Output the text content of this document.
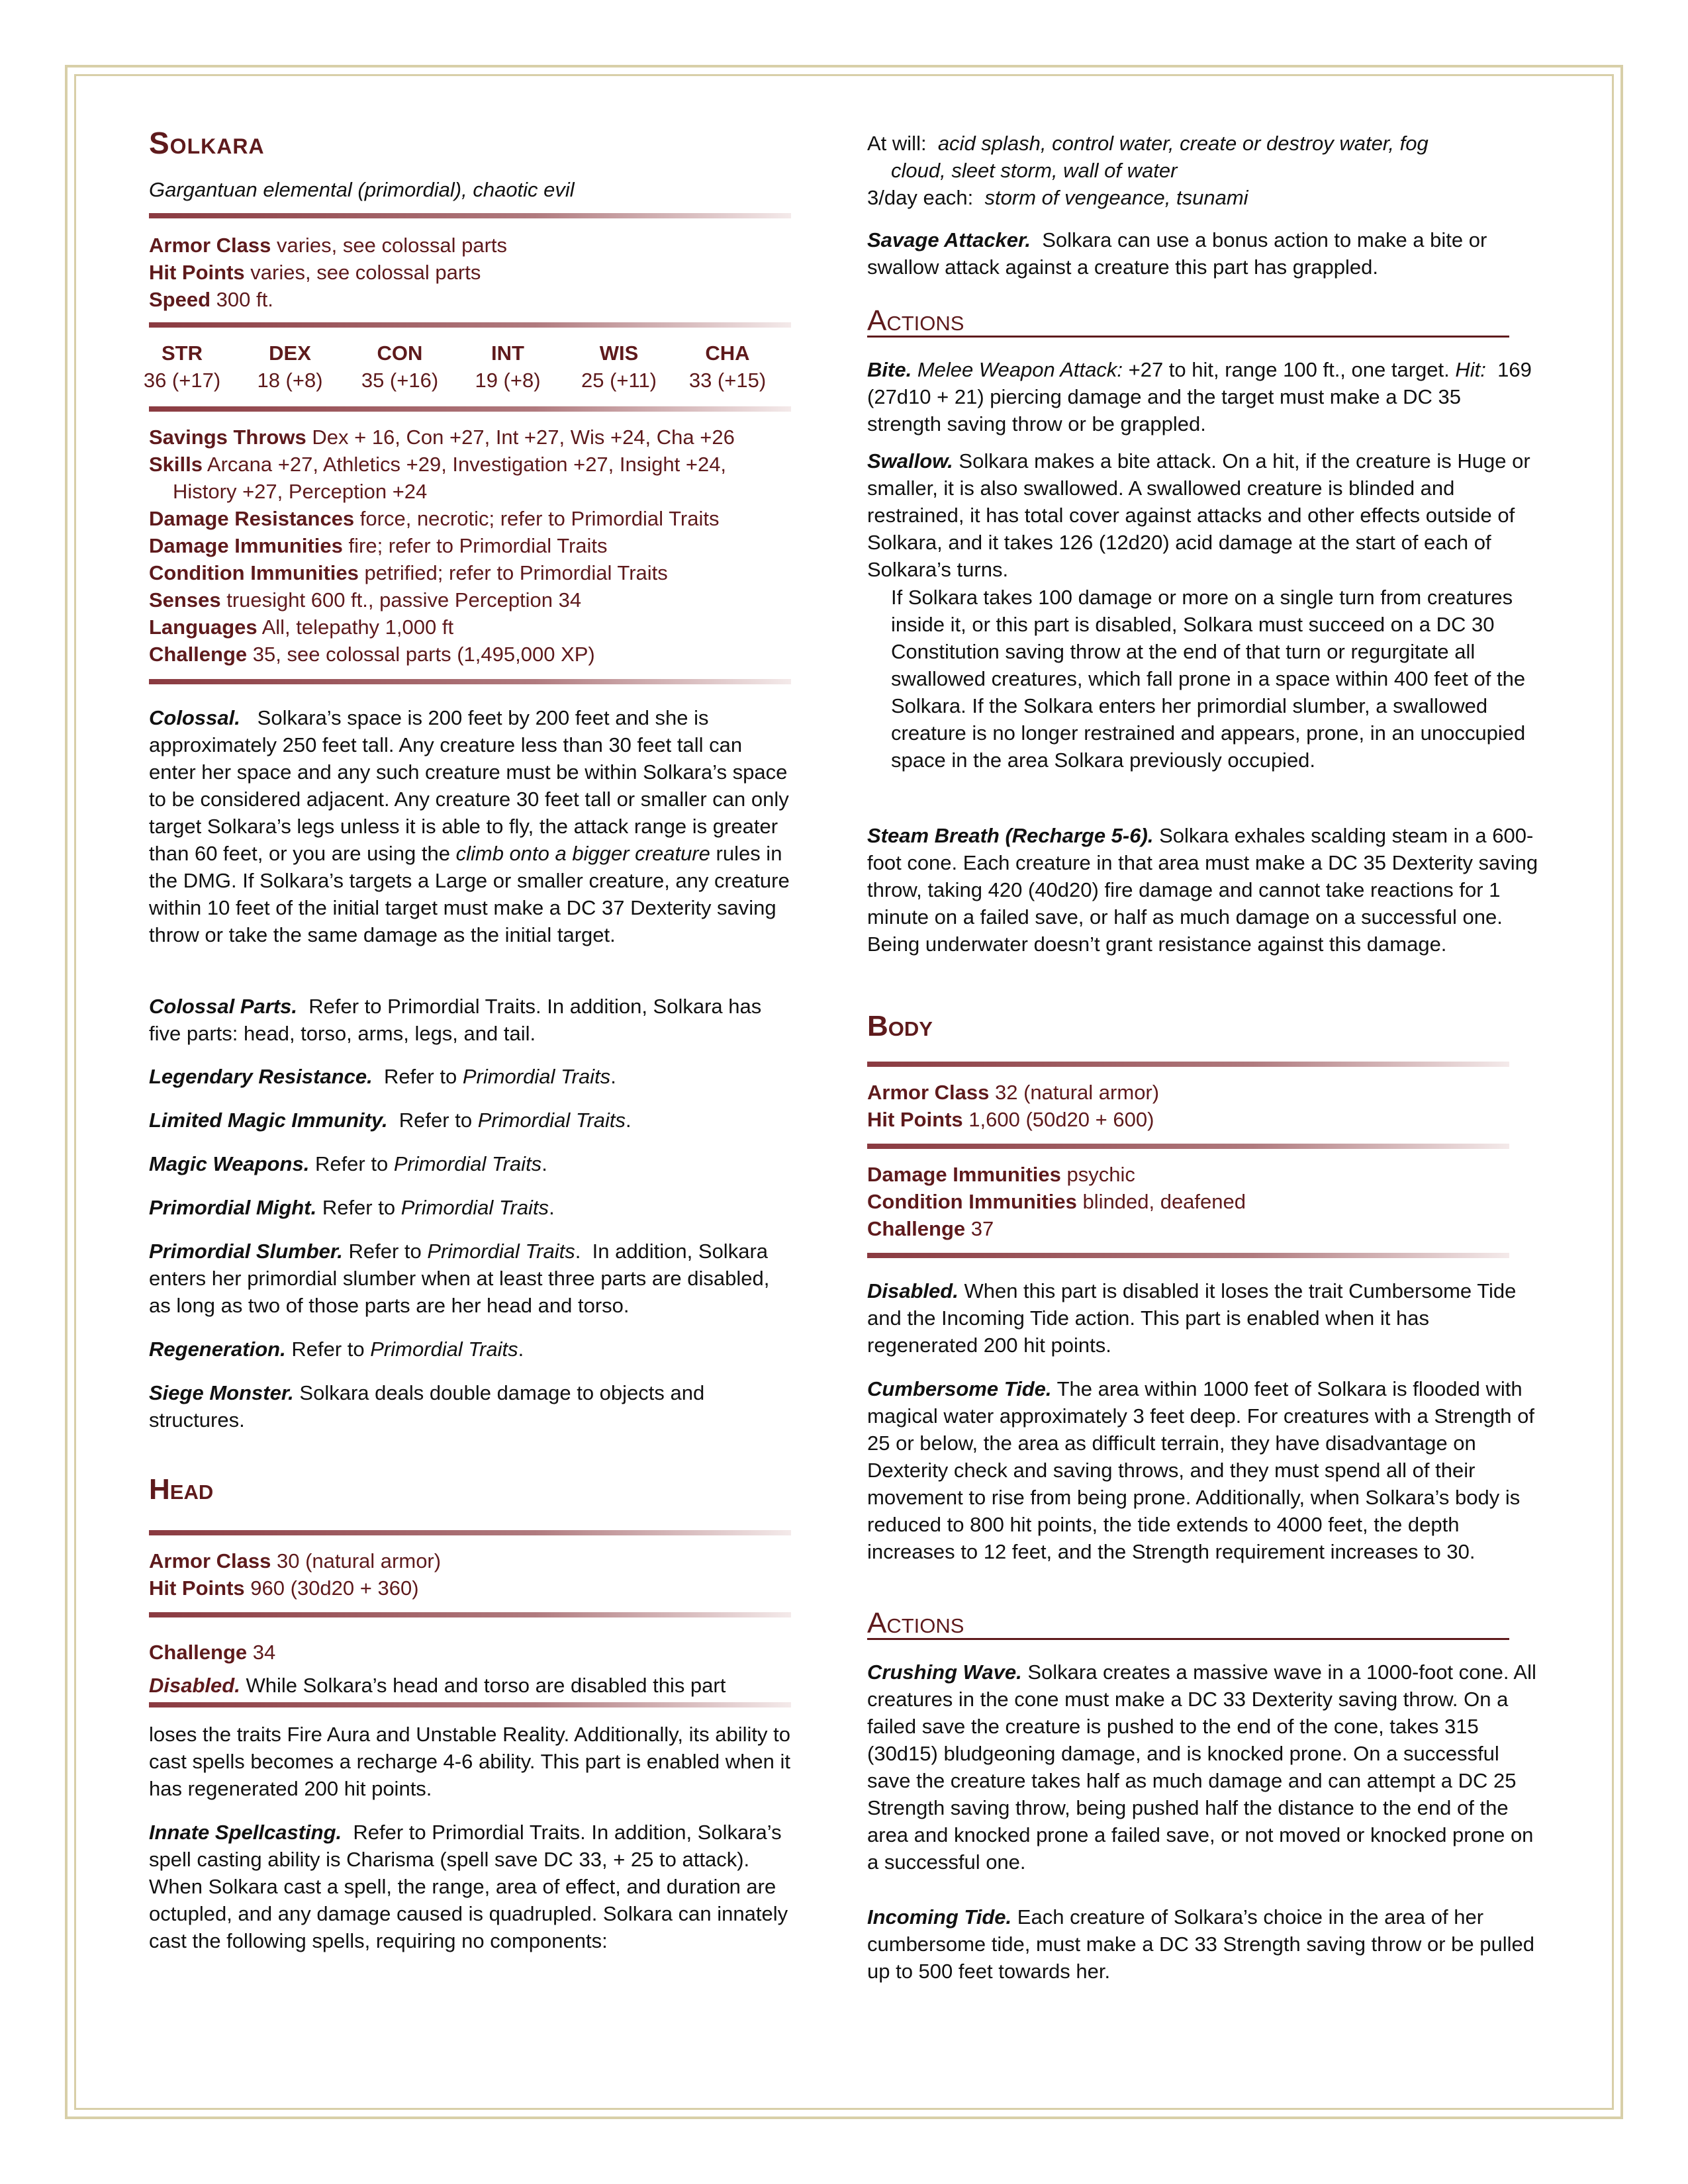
Solkara
Gargantuan elemental (primordial), chaotic evil
Armor Class varies, see colossal parts
Hit Points varies, see colossal parts
Speed 300 ft.
STR
36 (+17)
DEX
18 (+8)
CON
35 (+16)
INT
19 (+8)
WIS
25 (+11)
CHA
33 (+15)
Savings Throws Dex + 16, Con +27, Int +27, Wis +24, Cha +26
Skills Arcana +27, Athletics +29, Investigation +27, Insight +24,
History +27, Perception +24
Damage Resistances force, necrotic; refer to Primordial Traits
Damage Immunities fire; refer to Primordial Traits
Condition Immunities petrified; refer to Primordial Traits
Senses truesight 600 ft., passive Perception 34
Languages All, telepathy 1,000 ft
Challenge 35, see colossal parts (1,495,000 XP)
Colossal. Solkara’s space is 200 feet by 200 feet and she is approximately 250 feet tall. Any creature less than 30 feet tall can enter her space and any such creature must be within Solkara’s space to be considered adjacent. Any creature 30 feet tall or smaller can only target Solkara’s legs unless it is able to fly, the attack range is greater than 60 feet, or you are using the climb onto a bigger creature rules in the DMG. If Solkara’s targets a Large or smaller creature, any creature within 10 feet of the initial target must make a DC 37 Dexterity saving throw or take the same damage as the initial target.
Colossal Parts. Refer to Primordial Traits. In addition, Solkara has five parts: head, torso, arms, legs, and tail.
Legendary Resistance. Refer to Primordial Traits.
Limited Magic Immunity. Refer to Primordial Traits.
Magic Weapons. Refer to Primordial Traits.
Primordial Might. Refer to Primordial Traits.
Primordial Slumber. Refer to Primordial Traits. In addition, Solkara enters her primordial slumber when at least three parts are disabled, as long as two of those parts are her head and torso.
Regeneration. Refer to Primordial Traits.
Siege Monster. Solkara deals double damage to objects and structures.
Head
Armor Class 30 (natural armor)
Hit Points 960 (30d20 + 360)
Challenge 34
Disabled. While Solkara’s head and torso are disabled this part
loses the traits Fire Aura and Unstable Reality. Additionally, its ability to cast spells becomes a recharge 4-6 ability. This part is enabled when it has regenerated 200 hit points.
Innate Spellcasting. Refer to Primordial Traits. In addition, Solkara’s spell casting ability is Charisma (spell save DC 33, + 25 to attack). When Solkara cast a spell, the range, area of effect, and duration are octupled, and any damage caused is quadrupled. Solkara can innately cast the following spells, requiring no components:
At will: acid splash, control water, create or destroy water, fog
cloud, sleet storm, wall of water
3/day each: storm of vengeance, tsunami
Savage Attacker. Solkara can use a bonus action to make a bite or swallow attack against a creature this part has grappled.
Actions
Bite. Melee Weapon Attack: +27 to hit, range 100 ft., one target. Hit: 169 (27d10 + 21) piercing damage and the target must make a DC 35 strength saving throw or be grappled.
Swallow. Solkara makes a bite attack. On a hit, if the creature is Huge or smaller, it is also swallowed. A swallowed creature is blinded and restrained, it has total cover against attacks and other effects outside of Solkara, and it takes 126 (12d20) acid damage at the start of each of Solkara’s turns.
If Solkara takes 100 damage or more on a single turn from creatures inside it, or this part is disabled, Solkara must succeed on a DC 30 Constitution saving throw at the end of that turn or regurgitate all swallowed creatures, which fall prone in a space within 400 feet of the Solkara. If the Solkara enters her primordial slumber, a swallowed creature is no longer restrained and appears, prone, in an unoccupied space in the area Solkara previously occupied.
Steam Breath (Recharge 5-6). Solkara exhales scalding steam in a 600-foot cone. Each creature in that area must make a DC 35 Dexterity saving throw, taking 420 (40d20) fire damage and cannot take reactions for 1 minute on a failed save, or half as much damage on a successful one. Being underwater doesn’t grant resistance against this damage.
Body
Armor Class 32 (natural armor)
Hit Points 1,600 (50d20 + 600)
Damage Immunities psychic
Condition Immunities blinded, deafened
Challenge 37
Disabled. When this part is disabled it loses the trait Cumbersome Tide and the Incoming Tide action. This part is enabled when it has regenerated 200 hit points.
Cumbersome Tide. The area within 1000 feet of Solkara is flooded with magical water approximately 3 feet deep. For creatures with a Strength of 25 or below, the area as difficult terrain, they have disadvantage on Dexterity check and saving throws, and they must spend all of their movement to rise from being prone. Additionally, when Solkara’s body is reduced to 800 hit points, the tide extends to 4000 feet, the depth increases to 12 feet, and the Strength requirement increases to 30.
Actions
Crushing Wave. Solkara creates a massive wave in a 1000-foot cone. All creatures in the cone must make a DC 33 Dexterity saving throw. On a failed save the creature is pushed to the end of the cone, takes 315 (30d15) bludgeoning damage, and is knocked prone. On a successful save the creature takes half as much damage and can attempt a DC 25 Strength saving throw, being pushed half the distance to the end of the area and knocked prone a failed save, or not moved or knocked prone on a successful one.
Incoming Tide. Each creature of Solkara’s choice in the area of her cumbersome tide, must make a DC 33 Strength saving throw or be pulled up to 500 feet towards her.
